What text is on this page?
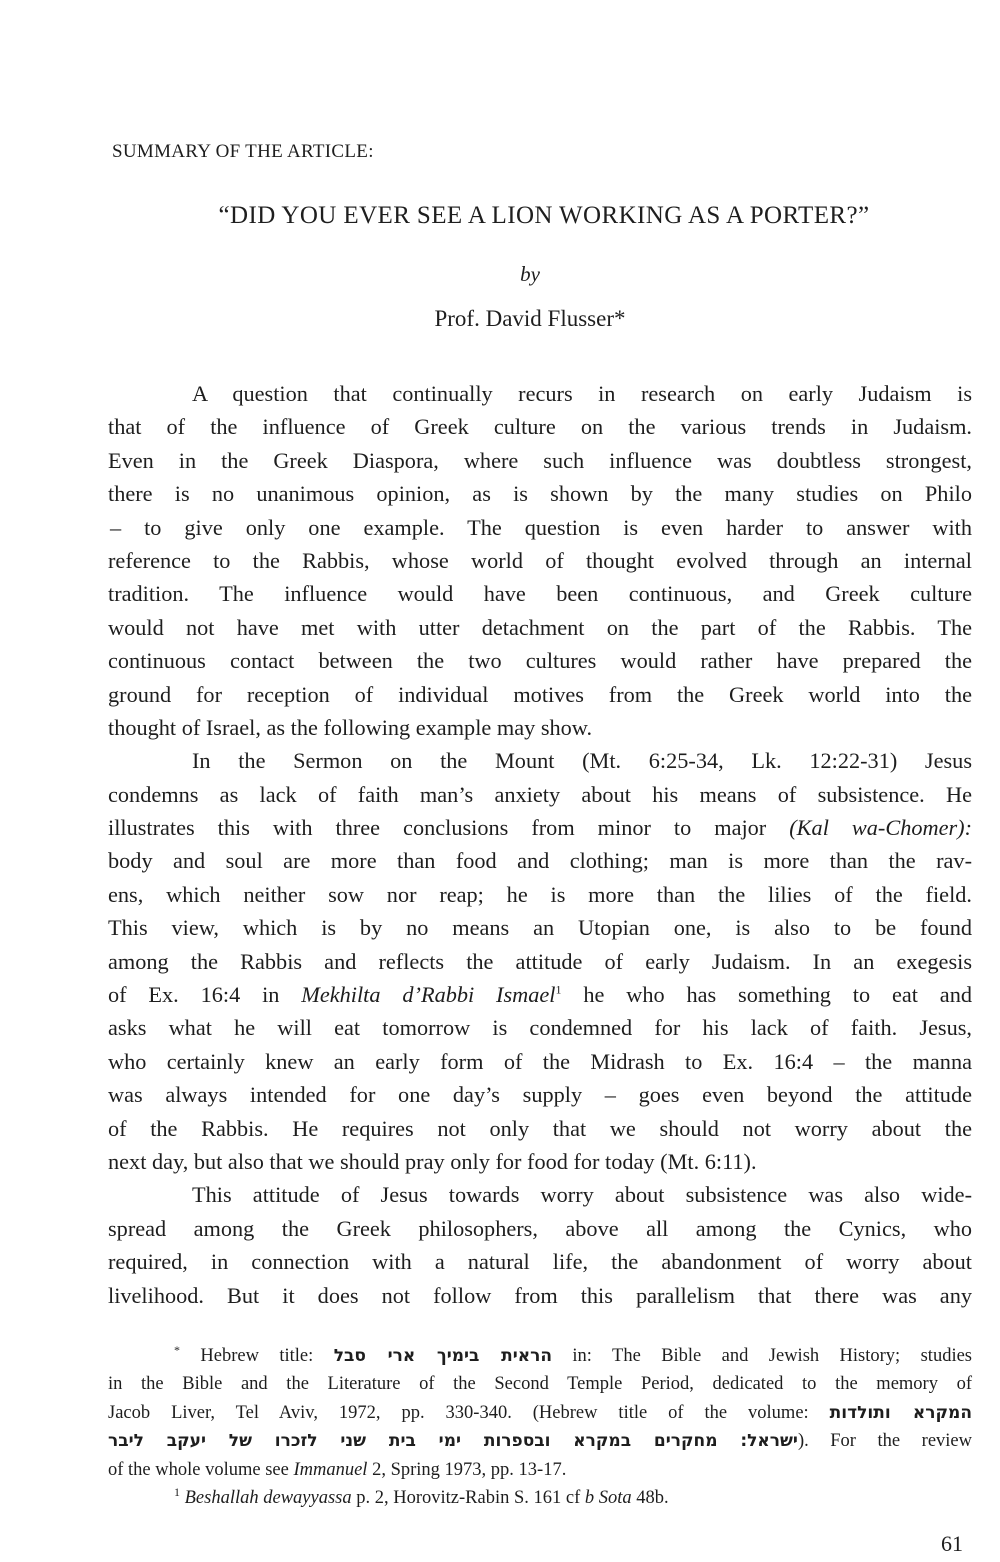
SUMMARY OF THE ARTICLE:
“DID YOU EVER SEE A LION WORKING AS A PORTER?”
by
Prof. David Flusser*
A question that continually recurs in research on early Judaism is
that of the influence of Greek culture on the various trends in Judaism.
Even in the Greek Diaspora, where such influence was doubtless strongest,
there is no unanimous opinion, as is shown by the many studies on Philo
– to give only one example. The question is even harder to answer with
reference to the Rabbis, whose world of thought evolved through an internal
tradition. The influence would have been continuous, and Greek culture
would not have met with utter detachment on the part of the Rabbis. The
continuous contact between the two cultures would rather have prepared the
ground for reception of individual motives from the Greek world into the
thought of Israel, as the following example may show.
In the Sermon on the Mount (Mt. 6:25-34, Lk. 12:22-31) Jesus
condemns as lack of faith man’s anxiety about his means of subsistence. He
illustrates this with three conclusions from minor to major (Kal wa-Chomer):
body and soul are more than food and clothing; man is more than the rav-
ens, which neither sow nor reap; he is more than the lilies of the field.
This view, which is by no means an Utopian one, is also to be found
among the Rabbis and reflects the attitude of early Judaism. In an exegesis
of Ex. 16:4 in Mekhilta d’Rabbi Ismael$^1$ he who has something to eat and
asks what he will eat tomorrow is condemned for his lack of faith. Jesus,
who certainly knew an early form of the Midrash to Ex. 16:4 – the manna
was always intended for one day’s supply – goes even beyond the attitude
of the Rabbis. He requires not only that we should not worry about the
next day, but also that we should pray only for food for today (Mt. 6:11).
This attitude of Jesus towards worry about subsistence was also wide-
spread among the Greek philosophers, above all among the Cynics, who
required, in connection with a natural life, the abandonment of worry about
livelihood. But it does not follow from this parallelism that there was any
* Hebrew title: הראית בימיך ארי סבל in: The Bible and Jewish History; studies
in the Bible and the Literature of the Second Temple Period, dedicated to the memory of
Jacob Liver, Tel Aviv, 1972, pp. 330-340. (Hebrew title of the volume: המקרא ותולדות
ישראל: מחקרים במקרא ובספרות ימי בית שני לזכרו של יעקב ליבר). For the review
of the whole volume see Immanuel 2, Spring 1973, pp. 13-17.
$^1$ Beshallah dewayyassa p. 2, Horovitz-Rabin S. 161 cf b Sota 48b.
61
